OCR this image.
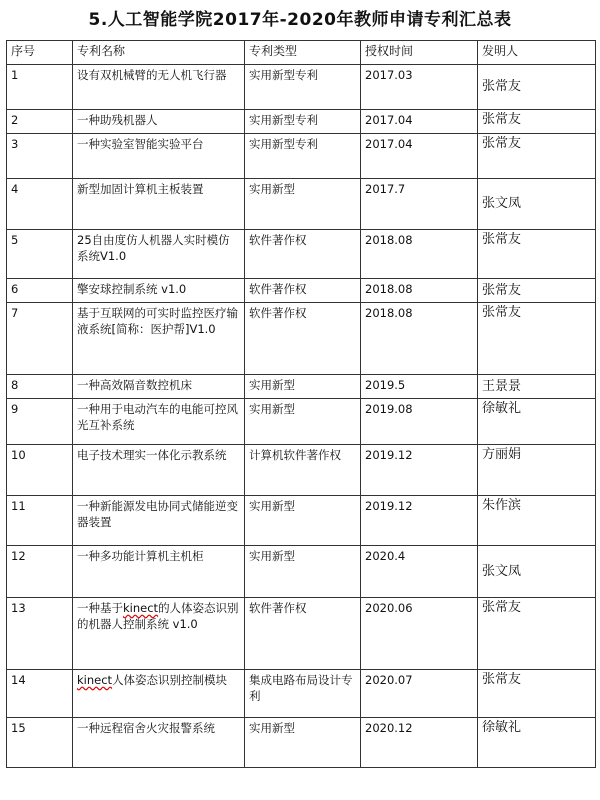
5.人工智能学院2017年-2020年教师申请专利汇总表
序号	专利名称	专利类型	授权时间	发明人
1	设有双机械臂的无人机飞行器	实用新型专利	2017.03	张常友
2	一种助残机器人	实用新型专利	2017.04	张常友
3	一种实验室智能实验平台	实用新型专利	2017.04	张常友
4	新型加固计算机主板装置	实用新型	2017.7	张文凤
5	25自由度仿人机器人实时模仿系统V1.0	软件著作权	2018.08	张常友
6	擎安球控制系统 v1.0	软件著作权	2018.08	张常友
7	基于互联网的可实时监控医疗输液系统[简称：医护帮]V1.0	软件著作权	2018.08	张常友
8	一种高效隔音数控机床	实用新型	2019.5	王景景
9	一种用于电动汽车的电能可控风光互补系统	实用新型	2019.08	徐敏礼
10	电子技术理实一体化示教系统	计算机软件著作权	2019.12	方丽娟
11	一种新能源发电协同式储能逆变器装置	实用新型	2019.12	朱作滨
12	一种多功能计算机主机柜	实用新型	2020.4	张文凤
13	一种基于kinect的人体姿态识别的机器人控制系统 v1.0	软件著作权	2020.06	张常友
14	kinect人体姿态识别控制模块	集成电路布局设计专利	2020.07	张常友
15	一种远程宿舍火灾报警系统	实用新型	2020.12	徐敏礼
